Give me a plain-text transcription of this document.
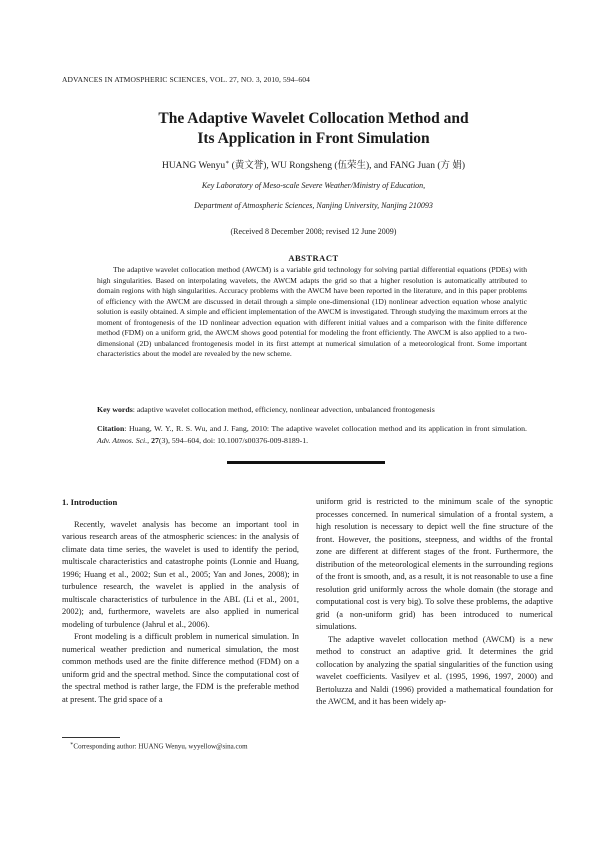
ADVANCES IN ATMOSPHERIC SCIENCES, VOL. 27, NO. 3, 2010, 594–604
The Adaptive Wavelet Collocation Method and
Its Application in Front Simulation
HUANG Wenyu∗ (黄文誉), WU Rongsheng (伍荣生), and FANG Juan (方 娟)
Key Laboratory of Meso-scale Severe Weather/Ministry of Education,
Department of Atmospheric Sciences, Nanjing University, Nanjing 210093
(Received 8 December 2008; revised 12 June 2009)
ABSTRACT
The adaptive wavelet collocation method (AWCM) is a variable grid technology for solving partial differential equations (PDEs) with high singularities. Based on interpolating wavelets, the AWCM adapts the grid so that a higher resolution is automatically attributed to domain regions with high singularities. Accuracy problems with the AWCM have been reported in the literature, and in this paper problems of efficiency with the AWCM are discussed in detail through a simple one-dimensional (1D) nonlinear advection equation whose analytic solution is easily obtained. A simple and efficient implementation of the AWCM is investigated. Through studying the maximum errors at the moment of frontogenesis of the 1D nonlinear advection equation with different initial values and a comparison with the finite difference method (FDM) on a uniform grid, the AWCM shows good potential for modeling the front efficiently. The AWCM is also applied to a two-dimensional (2D) unbalanced frontogenesis model in its first attempt at numerical simulation of a meteorological front. Some important characteristics about the model are revealed by the new scheme.
Key words: adaptive wavelet collocation method, efficiency, nonlinear advection, unbalanced frontogenesis
Citation: Huang, W. Y., R. S. Wu, and J. Fang, 2010: The adaptive wavelet collocation method and its application in front simulation. Adv. Atmos. Sci., 27(3), 594–604, doi: 10.1007/s00376-009-8189-1.

1. Introduction

Recently, wavelet analysis has become an important tool in various research areas of the atmospheric sciences: in the analysis of climate data time series, the wavelet is used to identify the period, multiscale characteristics and catastrophe points (Lonnie and Huang, 1996; Huang et al., 2002; Sun et al., 2005; Yan and Jones, 2008); in turbulence research, the wavelet is applied in the analysis of multiscale characteristics of turbulence in the ABL (Li et al., 2001, 2002); and, furthermore, wavelets are also applied in numerical modeling of turbulence (Jahrul et al., 2006).

Front modeling is a difficult problem in numerical simulation. In numerical weather prediction and numerical simulation, the most common methods used are the finite difference method (FDM) on a uniform grid and the spectral method. Since the computational cost of the spectral method is rather large, the FDM is the preferable method at present. The grid space of a

uniform grid is restricted to the minimum scale of the synoptic processes concerned. In numerical simulation of a frontal system, a high resolution is necessary to depict well the fine structure of the front. However, the positions, steepness, and widths of the frontal zone are different at different stages of the front. Furthermore, the distribution of the meteorological elements in the surrounding regions of the front is smooth, and, as a result, it is not reasonable to use a fine resolution grid uniformly across the whole domain (the storage and computational cost is very big). To solve these problems, the adaptive grid (a non-uniform grid) has been introduced to numerical simulations.

The adaptive wavelet collocation method (AWCM) is a new method to construct an adaptive grid. It determines the grid collocation by analyzing the spatial singularities of the function using wavelet coefficients. Vasilyev et al. (1995, 1996, 1997, 2000) and Bertoluzza and Naldi (1996) provided a mathematical foundation for the AWCM, and it has been widely ap-

∗Corresponding author: HUANG Wenyu, wyyellow@sina.com
